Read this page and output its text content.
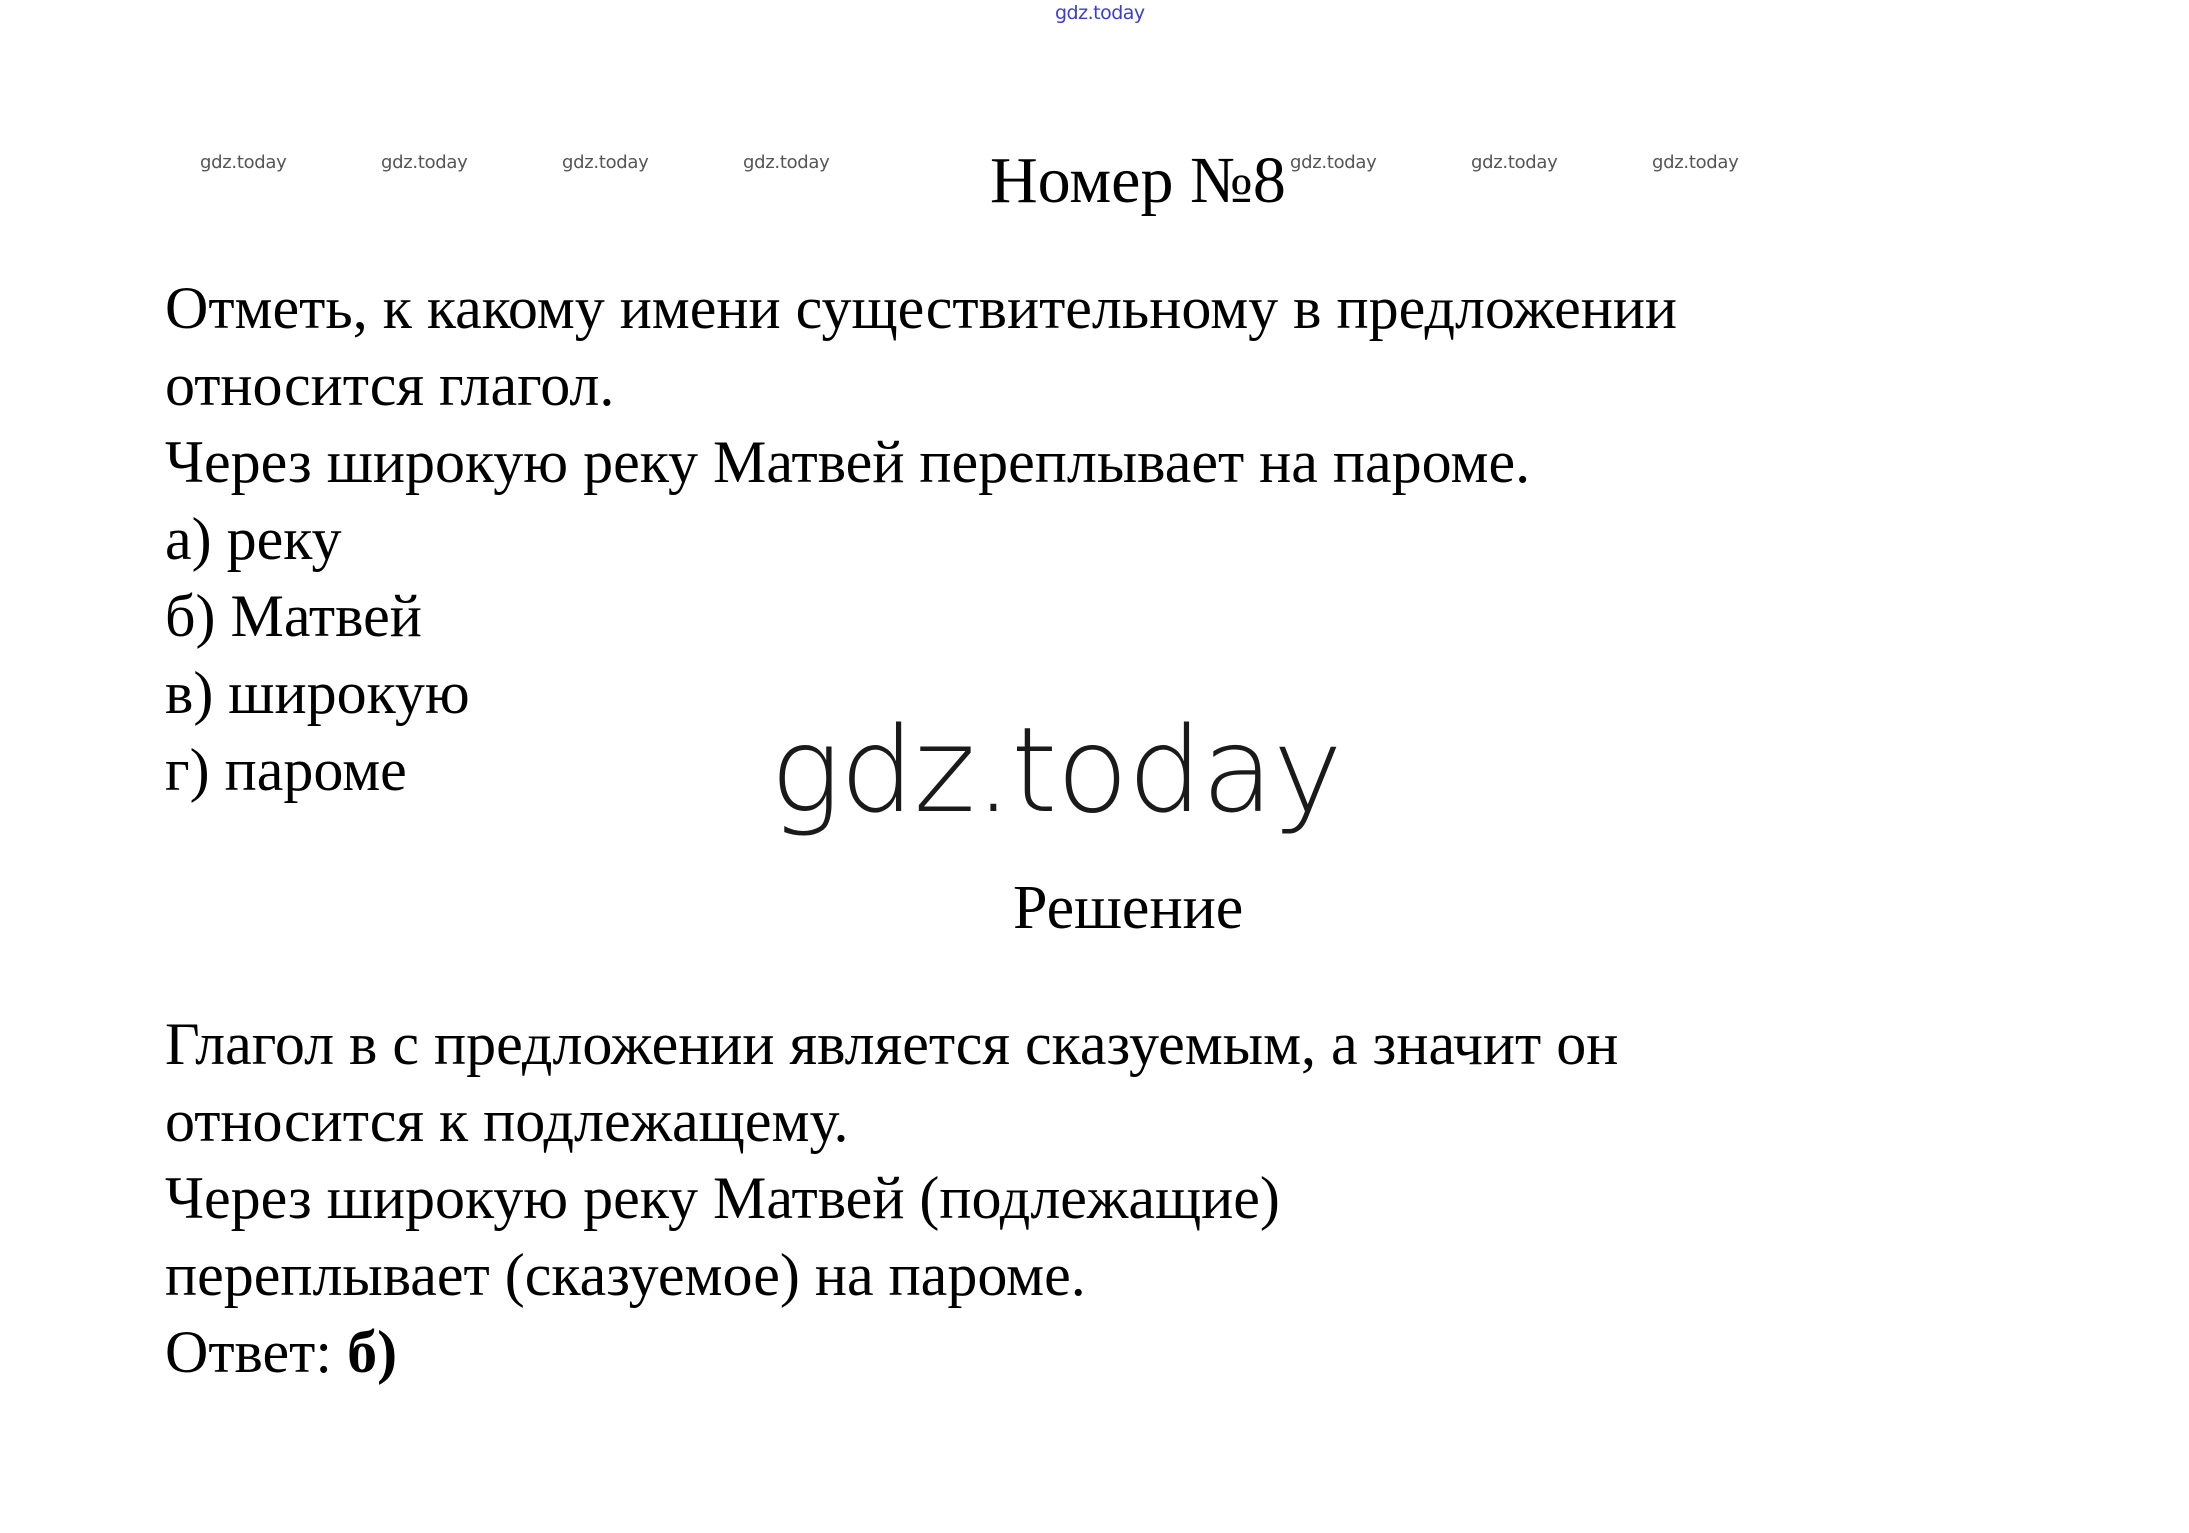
gdz.today
gdz.today	gdz.today	gdz.today	gdz.today	gdz.today	gdz.today	gdz.today
Номер №8
Отметь, к какому имени существительному в предложении
относится глагол.
Через широкую реку Матвей переплывает на пароме.
а) реку
б) Матвей
в) широкую
г) пароме	gdz.today
Решение
Глагол в с предложении является сказуемым, а значит он
относится к подлежащему.
Через широкую реку Матвей (подлежащие)
переплывает (сказуемое) на пароме.
Ответ: б)
